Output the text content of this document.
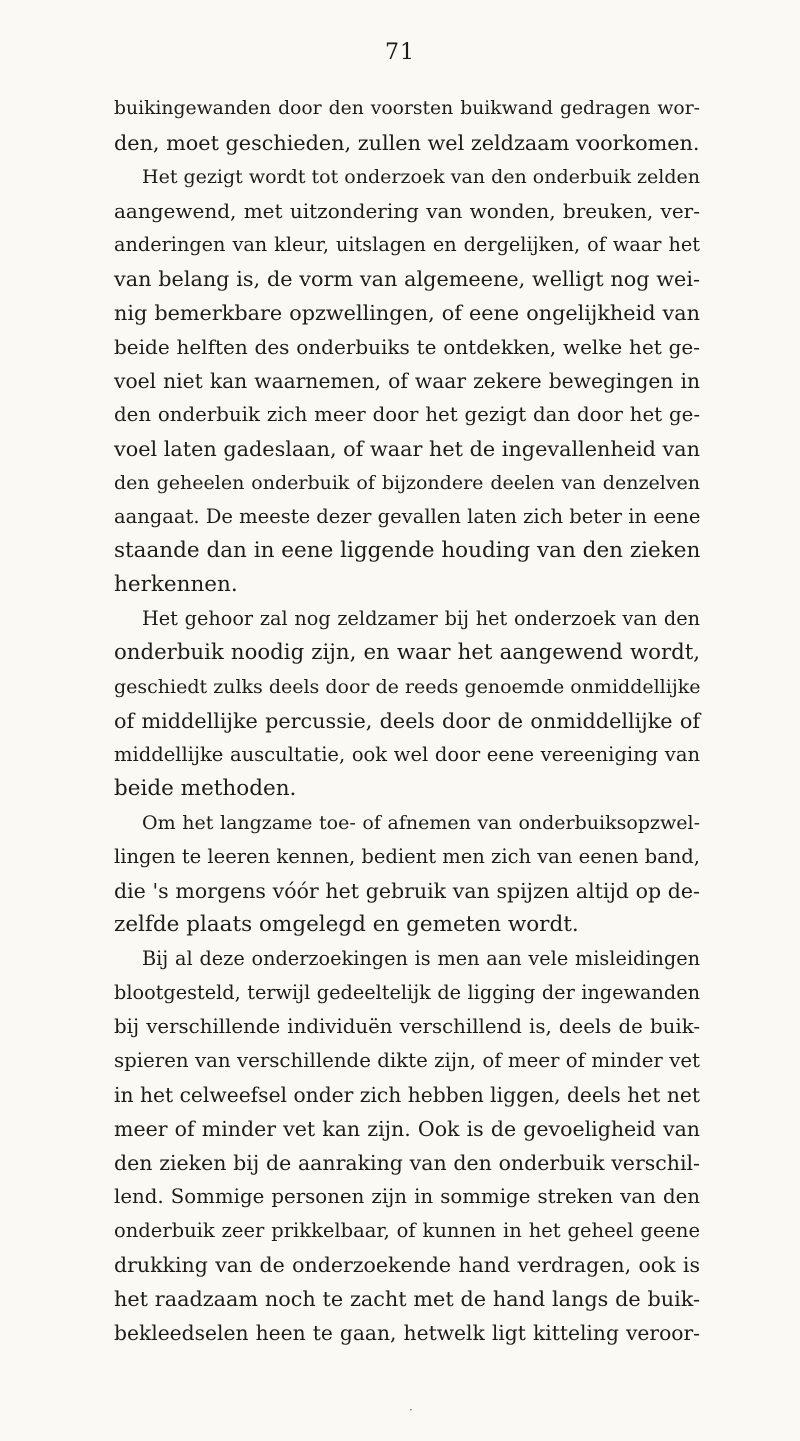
71
buikingewanden door den voorsten buikwand gedragen wor-
den, moet geschieden, zullen wel zeldzaam voorkomen.
Het gezigt wordt tot onderzoek van den onderbuik zelden
aangewend, met uitzondering van wonden, breuken, ver-
anderingen van kleur, uitslagen en dergelijken, of waar het
van belang is, de vorm van algemeene, welligt nog wei-
nig bemerkbare opzwellingen, of eene ongelijkheid van
beide helften des onderbuiks te ontdekken, welke het ge-
voel niet kan waarnemen, of waar zekere bewegingen in
den onderbuik zich meer door het gezigt dan door het ge-
voel laten gadeslaan, of waar het de ingevallenheid van
den geheelen onderbuik of bijzondere deelen van denzelven
aangaat. De meeste dezer gevallen laten zich beter in eene
staande dan in eene liggende houding van den zieken
herkennen.
Het gehoor zal nog zeldzamer bij het onderzoek van den
onderbuik noodig zijn, en waar het aangewend wordt,
geschiedt zulks deels door de reeds genoemde onmiddellijke
of middellijke percussie, deels door de onmiddellijke of
middellijke auscultatie, ook wel door eene vereeniging van
beide methoden.
Om het langzame toe- of afnemen van onderbuiksopzwel-
lingen te leeren kennen, bedient men zich van eenen band,
die 's morgens vóór het gebruik van spijzen altijd op de-
zelfde plaats omgelegd en gemeten wordt.
Bij al deze onderzoekingen is men aan vele misleidingen
blootgesteld, terwijl gedeeltelijk de ligging der ingewanden
bij verschillende individuën verschillend is, deels de buik-
spieren van verschillende dikte zijn, of meer of minder vet
in het celweefsel onder zich hebben liggen, deels het net
meer of minder vet kan zijn. Ook is de gevoeligheid van
den zieken bij de aanraking van den onderbuik verschil-
lend. Sommige personen zijn in sommige streken van den
onderbuik zeer prikkelbaar, of kunnen in het geheel geene
drukking van de onderzoekende hand verdragen, ook is
het raadzaam noch te zacht met de hand langs de buik-
bekleedselen heen te gaan, hetwelk ligt kitteling veroor-
·
